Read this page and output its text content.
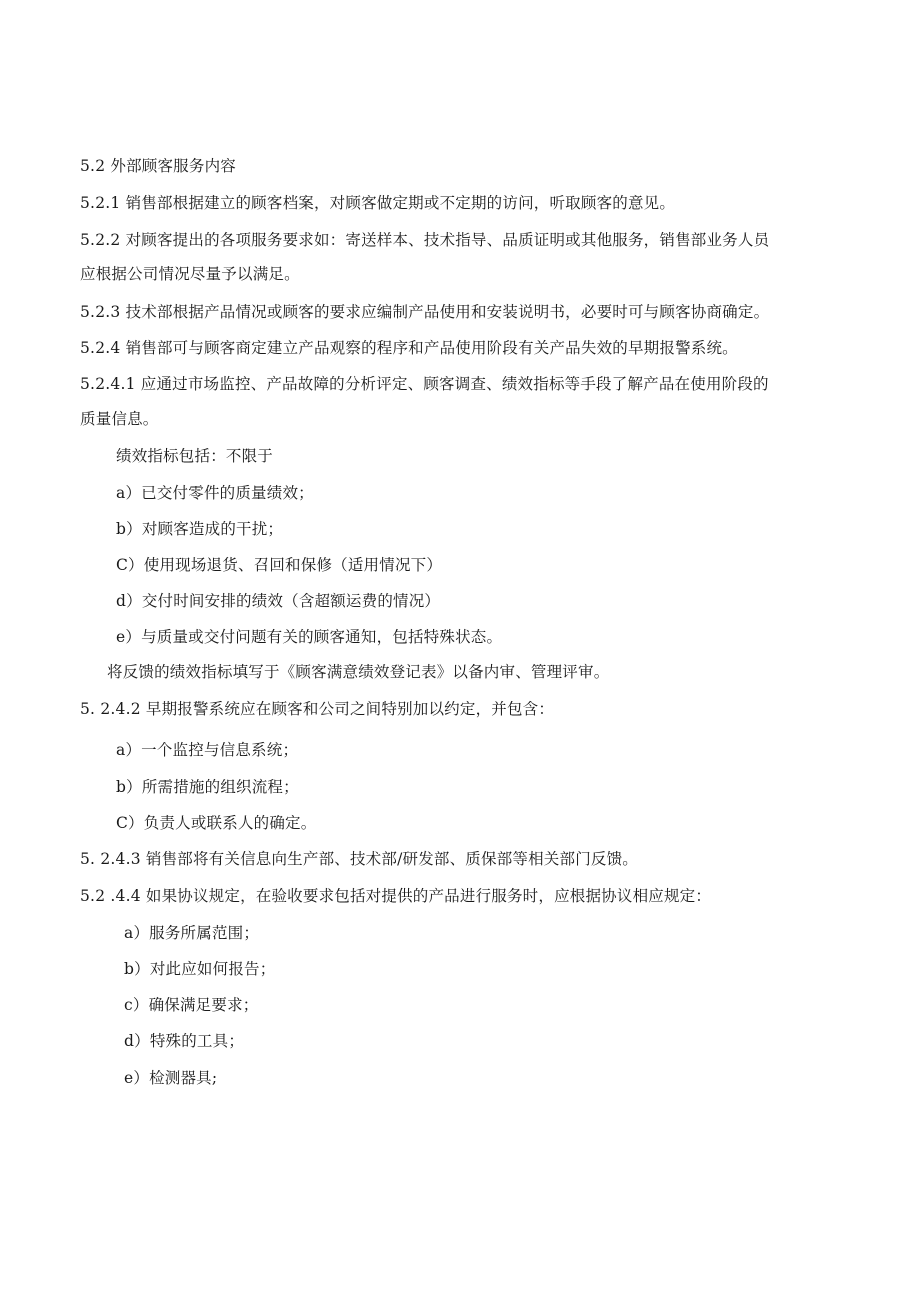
5.2 外部顾客服务内容
5.2.1 销售部根据建立的顾客档案，对顾客做定期或不定期的访问，听取顾客的意见。
5.2.2 对顾客提出的各项服务要求如：寄送样本、技术指导、品质证明或其他服务，销售部业务人员
应根据公司情况尽量予以满足。
5.2.3 技术部根据产品情况或顾客的要求应编制产品使用和安装说明书，必要时可与顾客协商确定。
5.2.4 销售部可与顾客商定建立产品观察的程序和产品使用阶段有关产品失效的早期报警系统。
5.2.4.1 应通过市场监控、产品故障的分析评定、顾客调查、绩效指标等手段了解产品在使用阶段的
质量信息。
绩效指标包括：不限于
a）已交付零件的质量绩效；
b）对顾客造成的干扰；
C）使用现场退货、召回和保修（适用情况下）
d）交付时间安排的绩效（含超额运费的情况）
e）与质量或交付问题有关的顾客通知，包括特殊状态。
将反馈的绩效指标填写于《顾客满意绩效登记表》以备内审、管理评审。
5. 2.4.2 早期报警系统应在顾客和公司之间特别加以约定，并包含：
a）一个监控与信息系统；
b）所需措施的组织流程；
C）负责人或联系人的确定。
5. 2.4.3 销售部将有关信息向生产部、技术部/研发部、质保部等相关部门反馈。
5.2 .4.4 如果协议规定，在验收要求包括对提供的产品进行服务时，应根据协议相应规定：
a）服务所属范围；
b）对此应如何报告；
c）确保满足要求；
d）特殊的工具；
e）检测器具;
